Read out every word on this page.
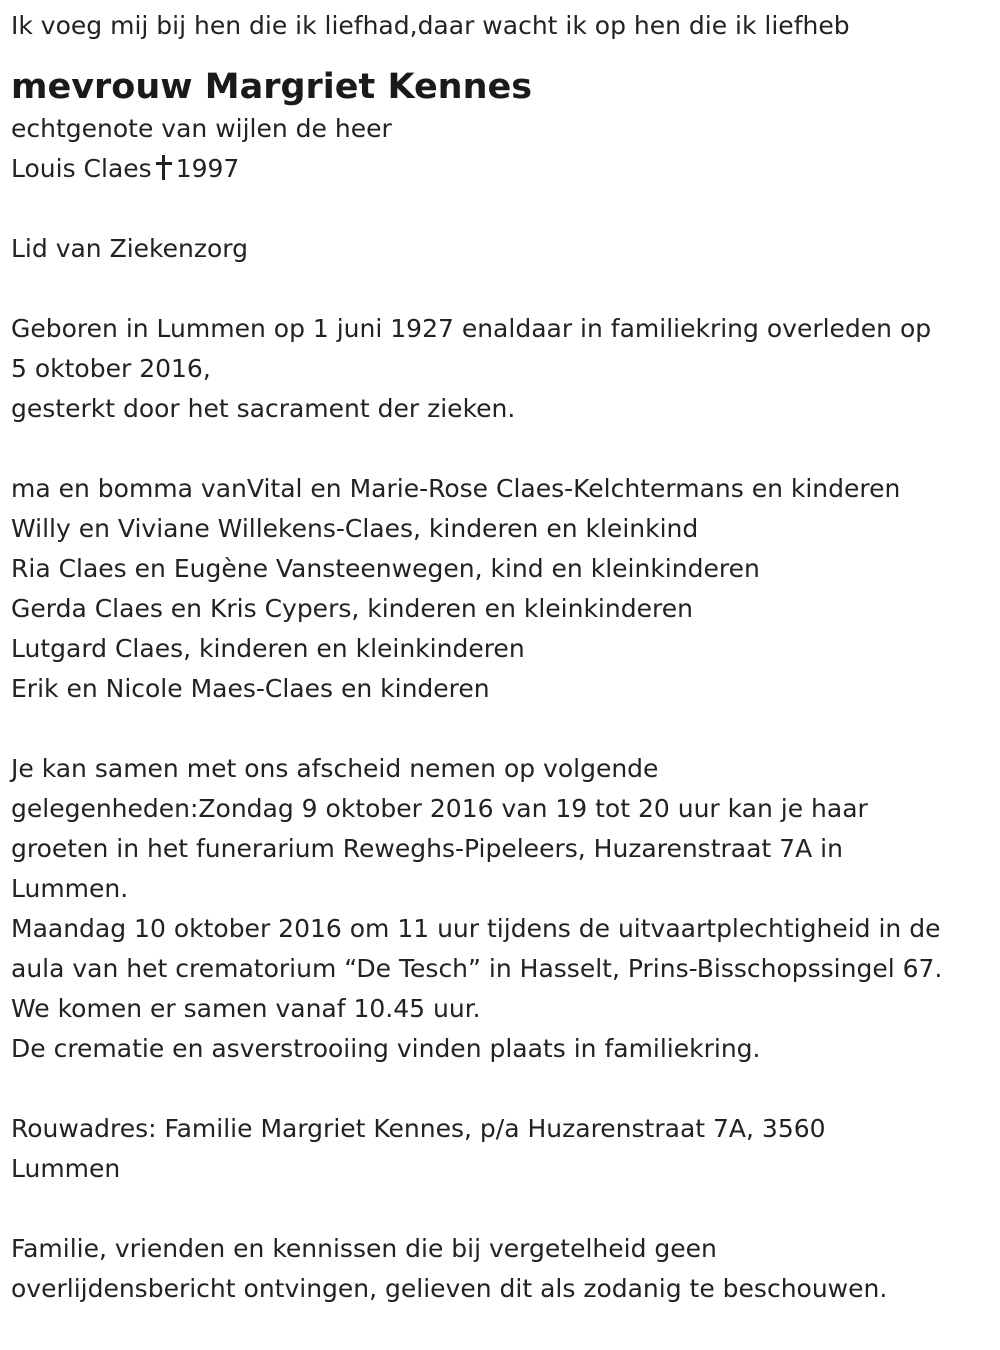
Ik voeg mij bij hen die ik liefhad,daar wacht ik op hen die ik liefheb
mevrouw Margriet Kennes
echtgenote van wijlen de heer
Louis Claes 1997
Lid van Ziekenzorg
Geboren in Lummen op 1 juni 1927 enaldaar in familiekring overleden op
5 oktober 2016,
gesterkt door het sacrament der zieken.
ma en bomma vanVital en Marie-Rose Claes-Kelchtermans en kinderen
Willy en Viviane Willekens-Claes, kinderen en kleinkind
Ria Claes en Eugène Vansteenwegen, kind en kleinkinderen
Gerda Claes en Kris Cypers, kinderen en kleinkinderen
Lutgard Claes, kinderen en kleinkinderen
Erik en Nicole Maes-Claes en kinderen
Je kan samen met ons afscheid nemen op volgende
gelegenheden:Zondag 9 oktober 2016 van 19 tot 20 uur kan je haar
groeten in het funerarium Reweghs-Pipeleers, Huzarenstraat 7A in
Lummen.
Maandag 10 oktober 2016 om 11 uur tijdens de uitvaartplechtigheid in de
aula van het crematorium “De Tesch” in Hasselt, Prins-Bisschopssingel 67.
We komen er samen vanaf 10.45 uur.
De crematie en asverstrooiing vinden plaats in familiekring.
Rouwadres: Familie Margriet Kennes, p/a Huzarenstraat 7A, 3560
Lummen
Familie, vrienden en kennissen die bij vergetelheid geen
overlijdensbericht ontvingen, gelieven dit als zodanig te beschouwen.
